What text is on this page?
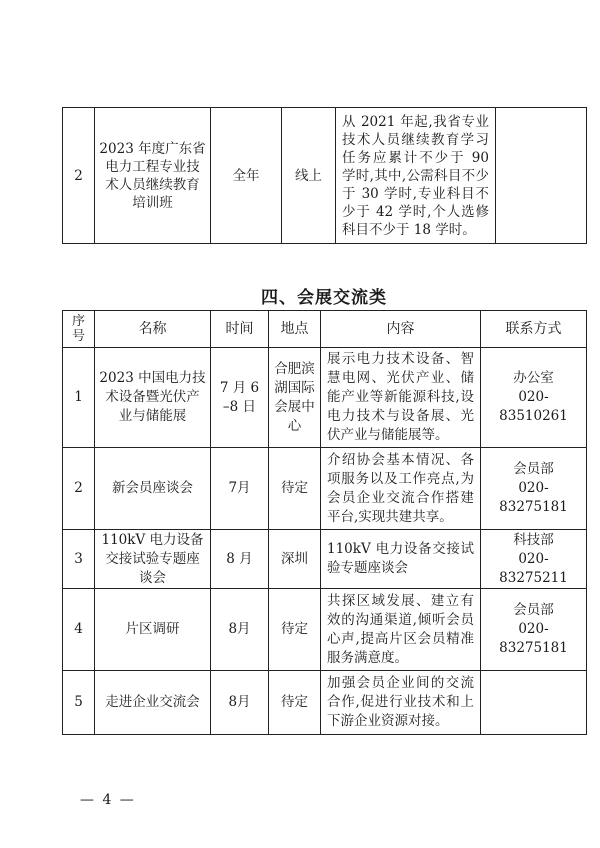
2	2023 年度广东省电力工程专业技术人员继续教育培训班	全年	线上	从 2021 年起,我省专业技术人员继续教育学习任务应累计不少于 90 学时,其中,公需科目不少于 30 学时,专业科目不少于 42 学时,个人选修科目不少于 18 学时。	
四、会展交流类
序号	名称	时间	地点	内容	联系方式
1	2023 中国电力技术设备暨光伏产业与储能展	7 月 6 –8 日	合肥滨湖国际会展中心	展示电力技术设备、智慧电网、光伏产业、储能产业等新能源科技,设电力技术与设备展、光伏产业与储能展等。	办公室
020-83510261

2	新会员座谈会	7月	待定	介绍协会基本情况、各项服务以及工作亮点,为会员企业交流合作搭建平台,实现共建共享。	会员部
020-83275181

3	110kV 电力设备交接试验专题座谈会	8 月	深圳	110kV 电力设备交接试验专题座谈会	科技部
020-83275211

4	片区调研	8月	待定	共探区域发展、建立有效的沟通渠道,倾听会员心声,提高片区会员精准服务满意度。	会员部
020-83275181

5	走进企业交流会	8月	待定	加强会员企业间的交流合作,促进行业技术和上下游企业资源对接。	
— 4 —
